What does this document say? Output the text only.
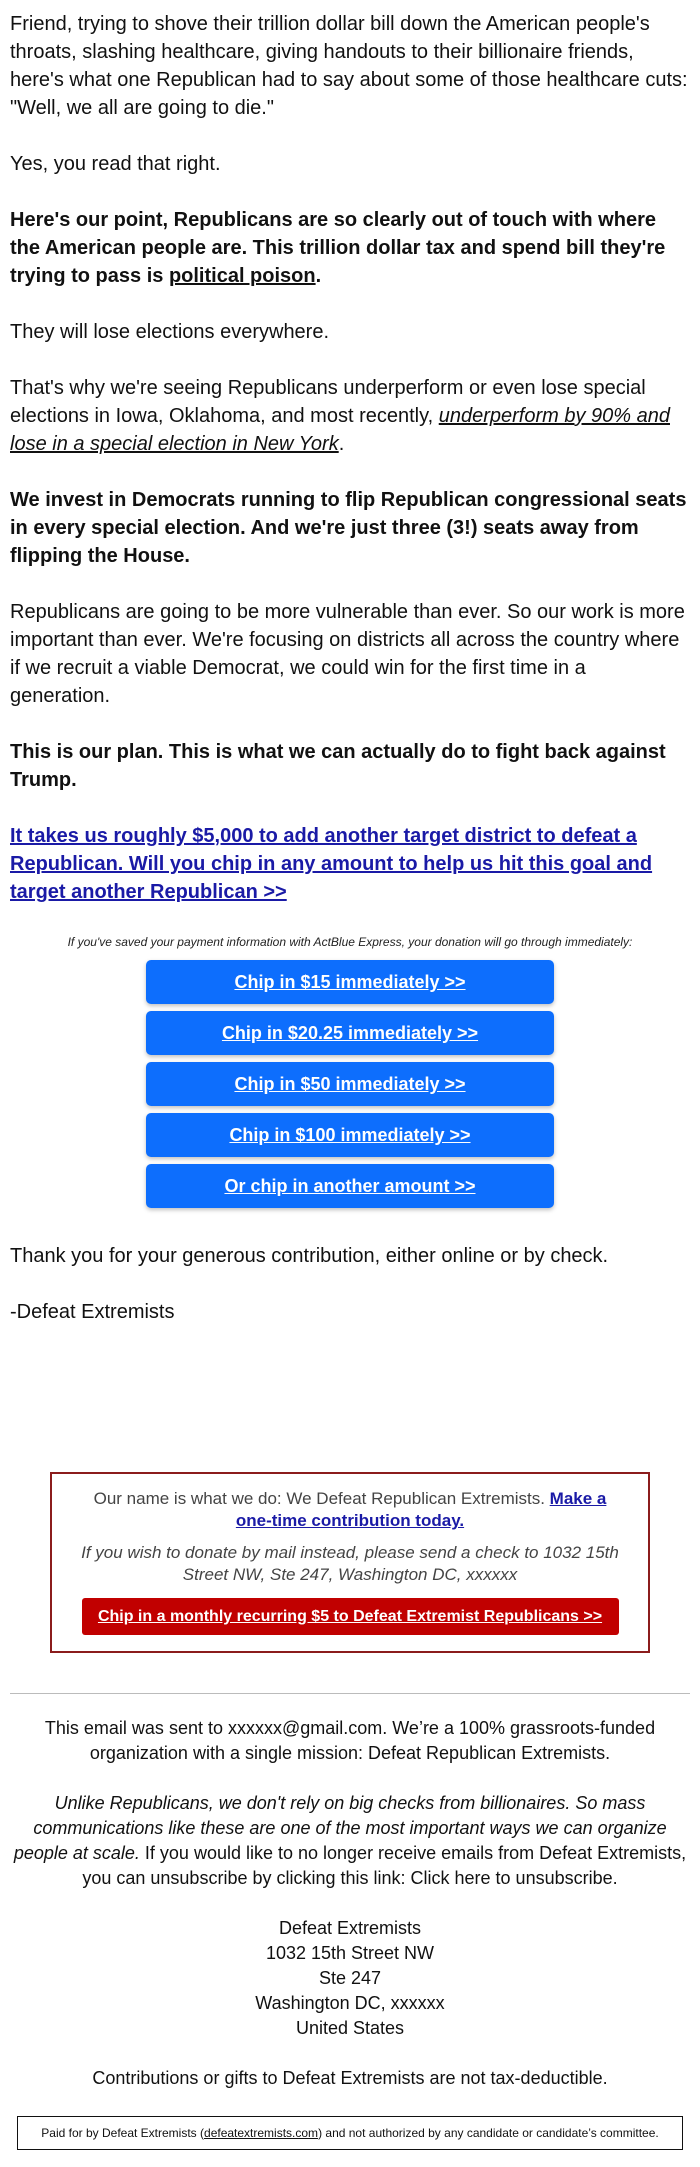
Friend, trying to shove their trillion dollar bill down the American people's throats, slashing healthcare, giving handouts to their billionaire friends, here's what one Republican had to say about some of those healthcare cuts: "Well, we all are going to die."

Yes, you read that right.

Here's our point, Republicans are so clearly out of touch with where the American people are. This trillion dollar tax and spend bill they're trying to pass is political poison.

They will lose elections everywhere.

That's why we're seeing Republicans underperform or even lose special elections in Iowa, Oklahoma, and most recently, underperform by 90% and lose in a special election in New York.

We invest in Democrats running to flip Republican congressional seats in every special election. And we're just three (3!) seats away from flipping the House.

Republicans are going to be more vulnerable than ever. So our work is more important than ever. We're focusing on districts all across the country where if we recruit a viable Democrat, we could win for the first time in a generation.

This is our plan. This is what we can actually do to fight back against Trump.

It takes us roughly $5,000 to add another target district to defeat a Republican. Will you chip in any amount to help us hit this goal and target another Republican >>

If you've saved your payment information with ActBlue Express, your donation will go through immediately:
Chip in $15 immediately >>
Chip in $20.25 immediately >>
Chip in $50 immediately >>
Chip in $100 immediately >>
Or chip in another amount >>

Thank you for your generous contribution, either online or by check.

-Defeat Extremists

Our name is what we do: We Defeat Republican Extremists. Make a one-time contribution today.

If you wish to donate by mail instead, please send a check to 1032 15th Street NW, Ste 247, Washington DC, xxxxxx

Chip in a monthly recurring $5 to Defeat Extremist Republicans >>

This email was sent to xxxxxx@gmail.com. We’re a 100% grassroots-funded organization with a single mission: Defeat Republican Extremists.

Unlike Republicans, we don't rely on big checks from billionaires. So mass communications like these are one of the most important ways we can organize people at scale. If you would like to no longer receive emails from Defeat Extremists, you can unsubscribe by clicking this link: Click here to unsubscribe.

Defeat Extremists
1032 15th Street NW
Ste 247
Washington DC, xxxxxx
United States

Contributions or gifts to Defeat Extremists are not tax-deductible.

Paid for by Defeat Extremists (defeatextremists.com) and not authorized by any candidate or candidate’s committee.
